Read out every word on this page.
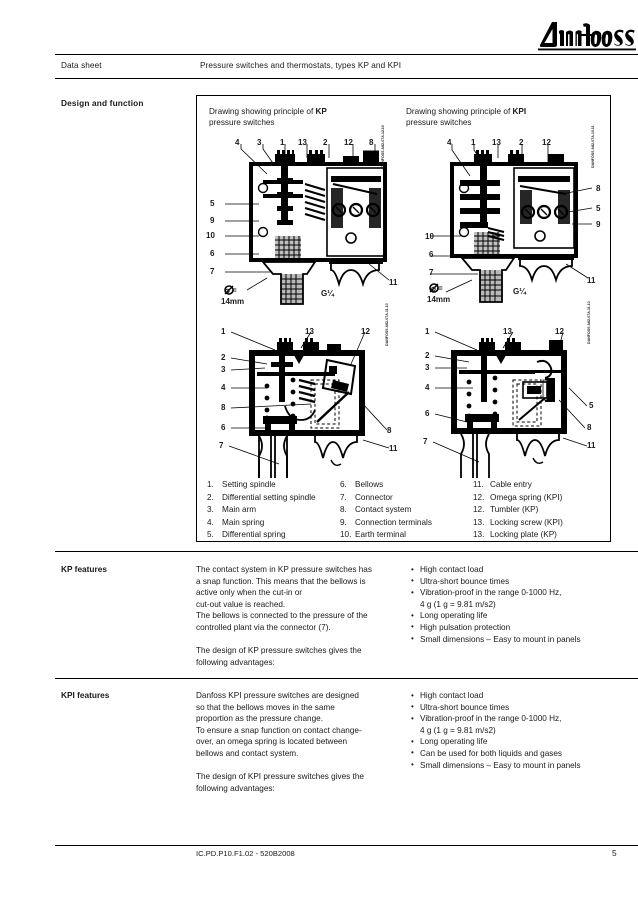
Data sheet	Pressure switches and thermostats, types KP and KPI
Design and function
Drawing showing principle of KP
pressure switches
Drawing showing principle of KPI
pressure switches
4 3 1 13 2 12 8
5
9
10
6
7
11
⌀ =
14mm
G¼
DANFOSS A82-07A.12.10	4 1 13 2 12
8
5
9
10
6
7
11
⌀ =
14mm
G¼
DANFOSS A82-07A.10.11
1
2
3
4
8
6
7
13	12
8
11
DANFOSS A82-07A.11.10	1
2
3
4
6
7
13	12
5
8
11
DANFOSS A82-07A.11.10
1. Setting spindle
2. Differential setting spindle
3. Main arm
4. Main spring
5. Differential spring
6. Bellows
7. Connector
8. Contact system
9. Connection terminals
10. Earth terminal
11. Cable entry
12. Omega spring (KPI)
12. Tumbler (KP)
13. Locking screw (KPI)
13. Locking plate (KP)
KP features	The contact system in KP pressure switches has

a snap function. This means that the bellows is

active only when the cut-in or

cut-out value is reached.

The bellows is connected to the pressure of the

controlled plant via the connector (7).

The design of KP pressure switches gives the

following advantages:

• High contact load
• Ultra-short bounce times
• Vibration-proof in the range 0-1000 Hz,
4 g (1 g = 9.81 m/s2)
• Long operating life
• High pulsation protection
• Small dimensions – Easy to mount in panels
KPI features	Danfoss KPI pressure switches are designed

so that the bellows moves in the same

proportion as the pressure change.

To ensure a snap function on contact change-

over, an omega spring is located between

bellows and contact system.

The design of KPI pressure switches gives the

following advantages:

• High contact load
• Ultra-short bounce times
• Vibration-proof in the range 0-1000 Hz,
4 g (1 g = 9.81 m/s2)
• Long operating life
• Can be used for both liquids and gases
• Small dimensions – Easy to mount in panels
IC.PD.P10.F1.02 - 520B2008	5
